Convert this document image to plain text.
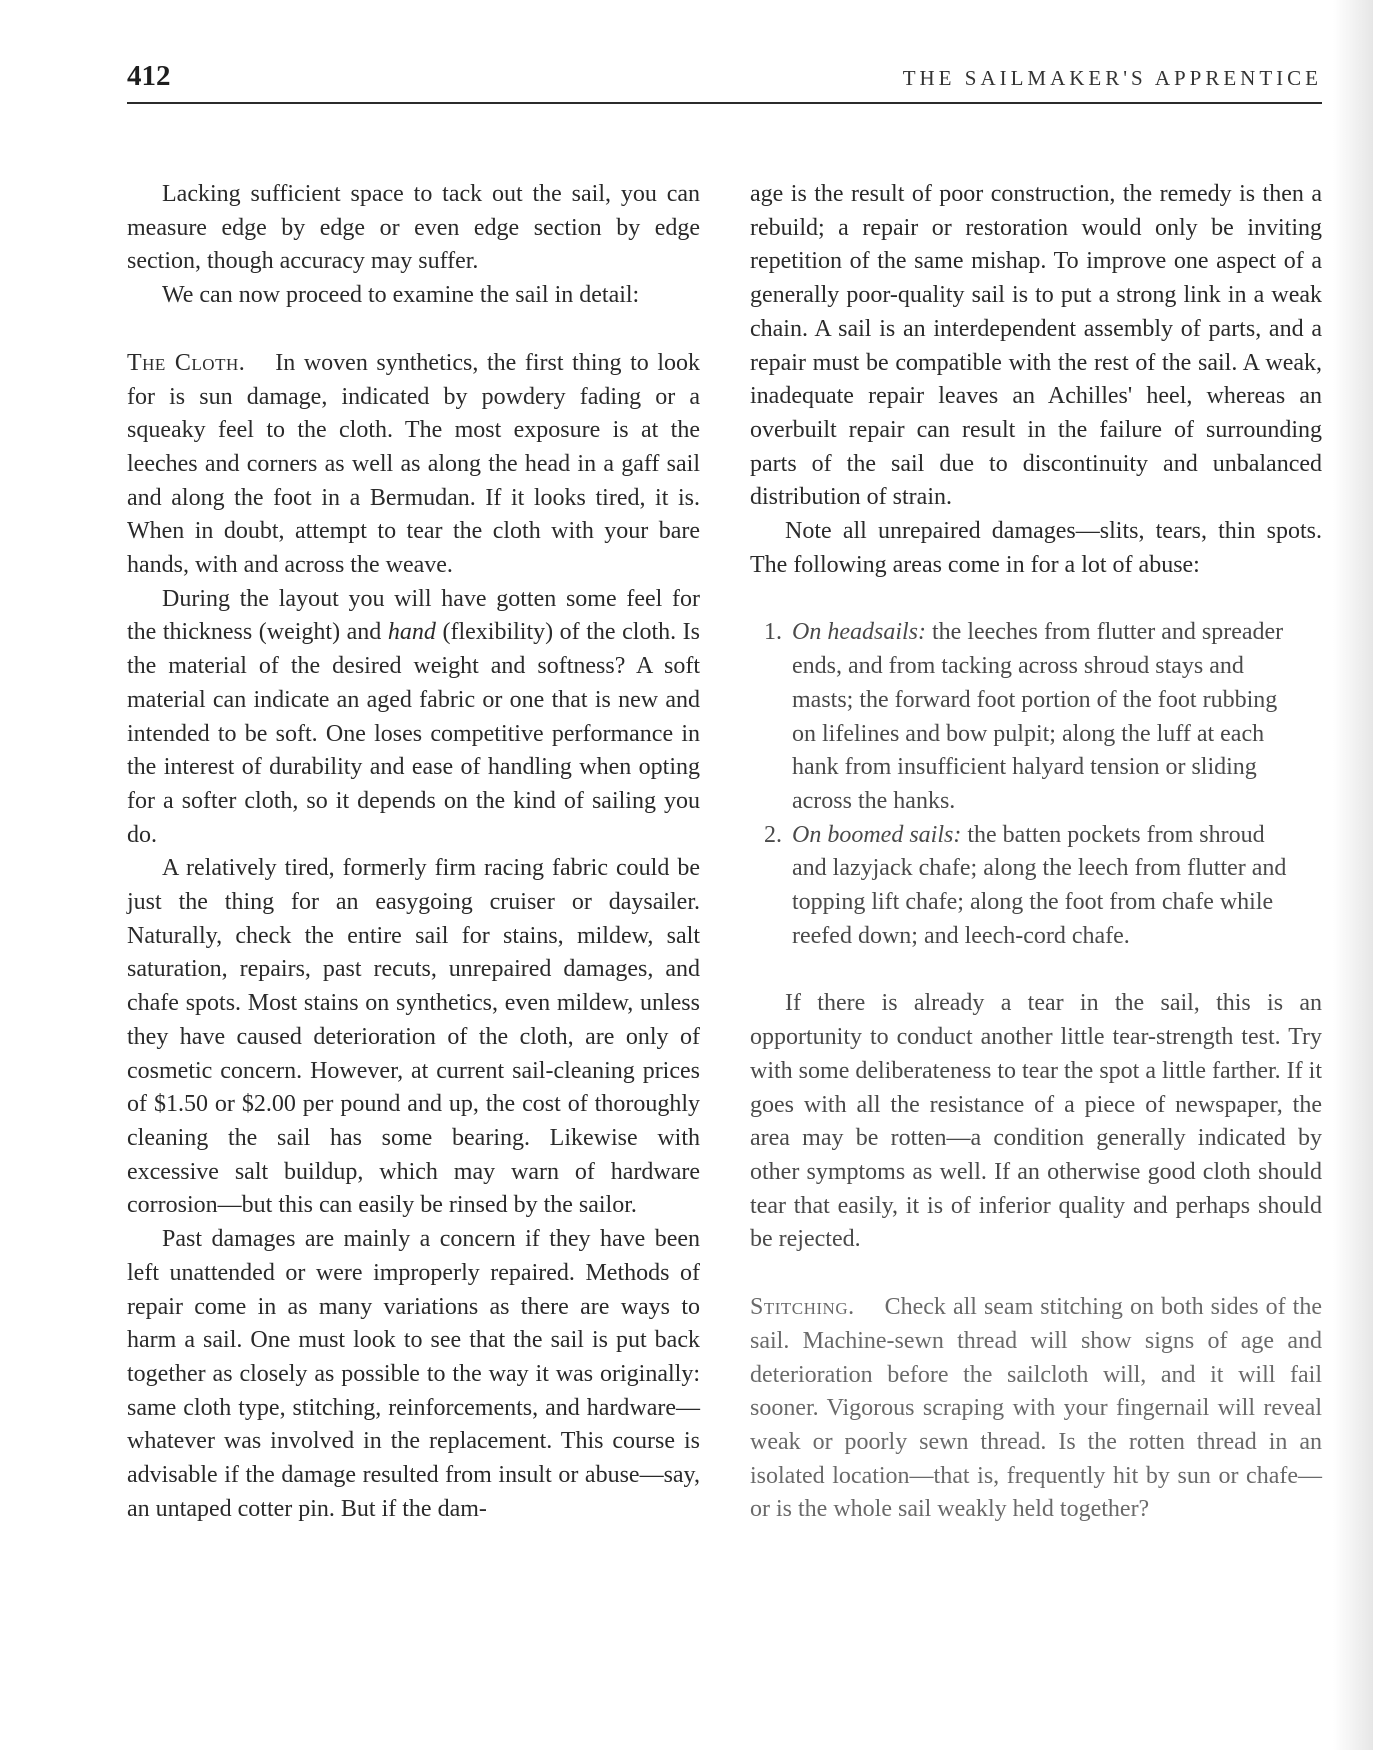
412	THE SAILMAKER'S APPRENTICE

Lacking sufficient space to tack out the sail, you can measure edge by edge or even edge section by edge section, though accuracy may suffer.

We can now proceed to examine the sail in detail:

The Cloth. In woven synthetics, the first thing to look for is sun damage, indicated by powdery fading or a squeaky feel to the cloth. The most exposure is at the leeches and corners as well as along the head in a gaff sail and along the foot in a Bermudan. If it looks tired, it is. When in doubt, attempt to tear the cloth with your bare hands, with and across the weave.

During the layout you will have gotten some feel for the thickness (weight) and hand (flexibility) of the cloth. Is the material of the desired weight and softness? A soft material can indicate an aged fabric or one that is new and intended to be soft. One loses competitive performance in the interest of durability and ease of handling when opting for a softer cloth, so it depends on the kind of sailing you do.

A relatively tired, formerly firm racing fabric could be just the thing for an easygoing cruiser or daysailer. Naturally, check the entire sail for stains, mildew, salt saturation, repairs, past recuts, unrepaired damages, and chafe spots. Most stains on synthetics, even mildew, unless they have caused deterioration of the cloth, are only of cosmetic concern. However, at current sail-cleaning prices of $1.50 or $2.00 per pound and up, the cost of thoroughly cleaning the sail has some bearing. Likewise with excessive salt buildup, which may warn of hardware corrosion—but this can easily be rinsed by the sailor.

Past damages are mainly a concern if they have been left unattended or were improperly repaired. Methods of repair come in as many variations as there are ways to harm a sail. One must look to see that the sail is put back together as closely as possible to the way it was originally: same cloth type, stitching, reinforcements, and hardware—whatever was involved in the replacement. This course is advisable if the damage resulted from insult or abuse—say, an untaped cotter pin. But if the dam-

age is the result of poor construction, the remedy is then a rebuild; a repair or restoration would only be inviting repetition of the same mishap. To improve one aspect of a generally poor-quality sail is to put a strong link in a weak chain. A sail is an interdependent assembly of parts, and a repair must be compatible with the rest of the sail. A weak, inadequate repair leaves an Achilles' heel, whereas an overbuilt repair can result in the failure of surrounding parts of the sail due to discontinuity and unbalanced distribution of strain.

Note all unrepaired damages—slits, tears, thin spots. The following areas come in for a lot of abuse:

1. On headsails: the leeches from flutter and spreader ends, and from tacking across shroud stays and masts; the forward foot portion of the foot rubbing on lifelines and bow pulpit; along the luff at each hank from insufficient halyard tension or sliding across the hanks.
2. On boomed sails: the batten pockets from shroud and lazyjack chafe; along the leech from flutter and topping lift chafe; along the foot from chafe while reefed down; and leech-cord chafe.

If there is already a tear in the sail, this is an opportunity to conduct another little tear-strength test. Try with some deliberateness to tear the spot a little farther. If it goes with all the resistance of a piece of newspaper, the area may be rotten—a condition generally indicated by other symptoms as well. If an otherwise good cloth should tear that easily, it is of inferior quality and perhaps should be rejected.

Stitching. Check all seam stitching on both sides of the sail. Machine-sewn thread will show signs of age and deterioration before the sailcloth will, and it will fail sooner. Vigorous scraping with your fingernail will reveal weak or poorly sewn thread. Is the rotten thread in an isolated location—that is, frequently hit by sun or chafe—or is the whole sail weakly held together?
